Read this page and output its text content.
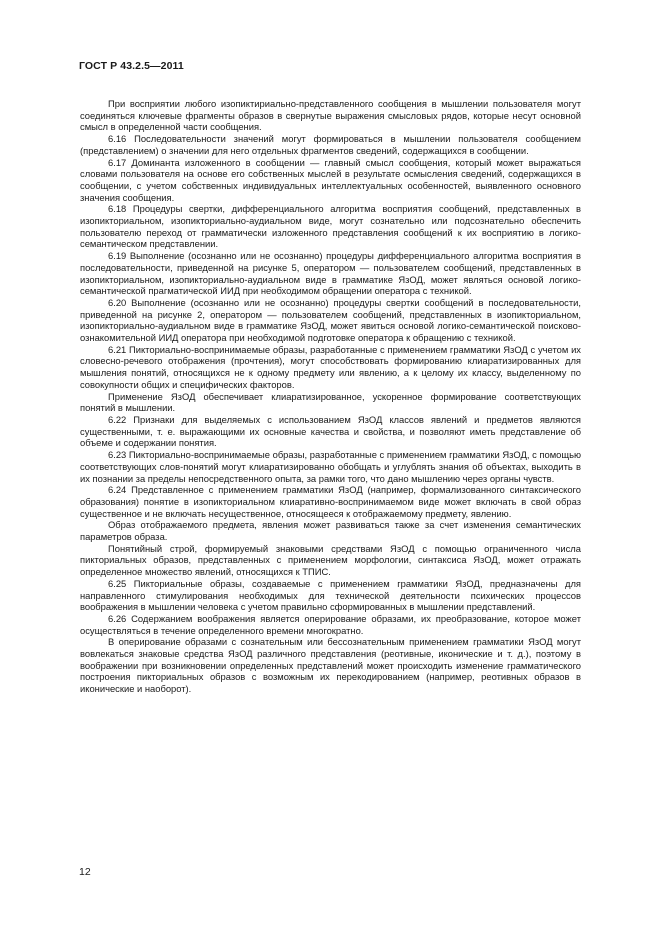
ГОСТ Р 43.2.5—2011

При восприятии любого изопиктириально-представленного сообщения в мышлении пользователя могут соединяться ключевые фрагменты образов в свернутые выражения смысловых рядов, которые несут основной смысл в определенной части сообщения.

6.16 Последовательности значений могут формироваться в мышлении пользователя сообщением (представлением) о значении для него отдельных фрагментов сведений, содержащихся в сообщении.

6.17 Доминанта изложенного в сообщении — главный смысл сообщения, который может выражаться словами пользователя на основе его собственных мыслей в результате осмысления сведений, содержащихся в сообщении, с учетом собственных индивидуальных интеллектуальных особенностей, выявленного основного значения сообщения.

6.18 Процедуры свертки, дифференциального алгоритма восприятия сообщений, представленных в изопикториальном, изопикториально-аудиальном виде, могут сознательно или подсознательно обеспечить пользователю переход от грамматически изложенного представления сообщений к их восприятию в логико-семантическом представлении.

6.19 Выполнение (осознанно или не осознанно) процедуры дифференциального алгоритма восприятия в последовательности, приведенной на рисунке 5, оператором — пользователем сообщений, представленных в изопикториальном, изопикториально-аудиальном виде в грамматике ЯзОД, может являться основой логико-семантической прагматической ИИД при необходимом обращении оператора с техникой.

6.20 Выполнение (осознанно или не осознанно) процедуры свертки сообщений в последовательности, приведенной на рисунке 2, оператором — пользователем сообщений, представленных в изопикториальном, изопикториально-аудиальном виде в грамматике ЯзОД, может явиться основой логико-семантической поисково-ознакомительной ИИД оператора при необходимой подготовке оператора к обращению с техникой.

6.21 Пикториально-воспринимаемые образы, разработанные с применением грамматики ЯзОД с учетом их словесно-речевого отображения (прочтения), могут способствовать формированию клиаратизированных для мышления понятий, относящихся не к одному предмету или явлению, а к целому их классу, выделенному по совокупности общих и специфических факторов.

Применение ЯзОД обеспечивает клиаратизированное, ускоренное формирование соответствующих понятий в мышлении.

6.22 Признаки для выделяемых с использованием ЯзОД классов явлений и предметов являются существенными, т. е. выражающими их основные качества и свойства, и позволяют иметь представление об объеме и содержании понятия.

6.23 Пикториально-воспринимаемые образы, разработанные с применением грамматики ЯзОД, с помощью соответствующих слов-понятий могут клиаратизированно обобщать и углублять знания об объектах, выходить в их познании за пределы непосредственного опыта, за рамки того, что дано мышлению через органы чувств.

6.24 Представленное с применением грамматики ЯзОД (например, формализованного синтаксического образования) понятие в изопикториальном клиаративно-воспринимаемом виде может включать в свой образ существенное и не включать несущественное, относящееся к отображаемому предмету, явлению.

Образ отображаемого предмета, явления может развиваться также за счет изменения семантических параметров образа.

Понятийный строй, формируемый знаковыми средствами ЯзОД с помощью ограниченного числа пикториальных образов, представленных с применением морфологии, синтаксиса ЯзОД, может отражать определенное множество явлений, относящихся к ТПИС.

6.25 Пикториальные образы, создаваемые с применением грамматики ЯзОД, предназначены для направленного стимулирования необходимых для технической деятельности психических процессов воображения в мышлении человека с учетом правильно сформированных в мышлении представлений.

6.26 Содержанием воображения является оперирование образами, их преобразование, которое может осуществляться в течение определенного времени многократно.

В оперирование образами с сознательным или бессознательным применением грамматики ЯзОД могут вовлекаться знаковые средства ЯзОД различного представления (реотивные, иконические и т. д.), поэтому в воображении при возникновении определенных представлений может происходить изменение грамматического построения пикториальных образов с возможным их перекодированием (например, реотивных образов в иконические и наоборот).

12
